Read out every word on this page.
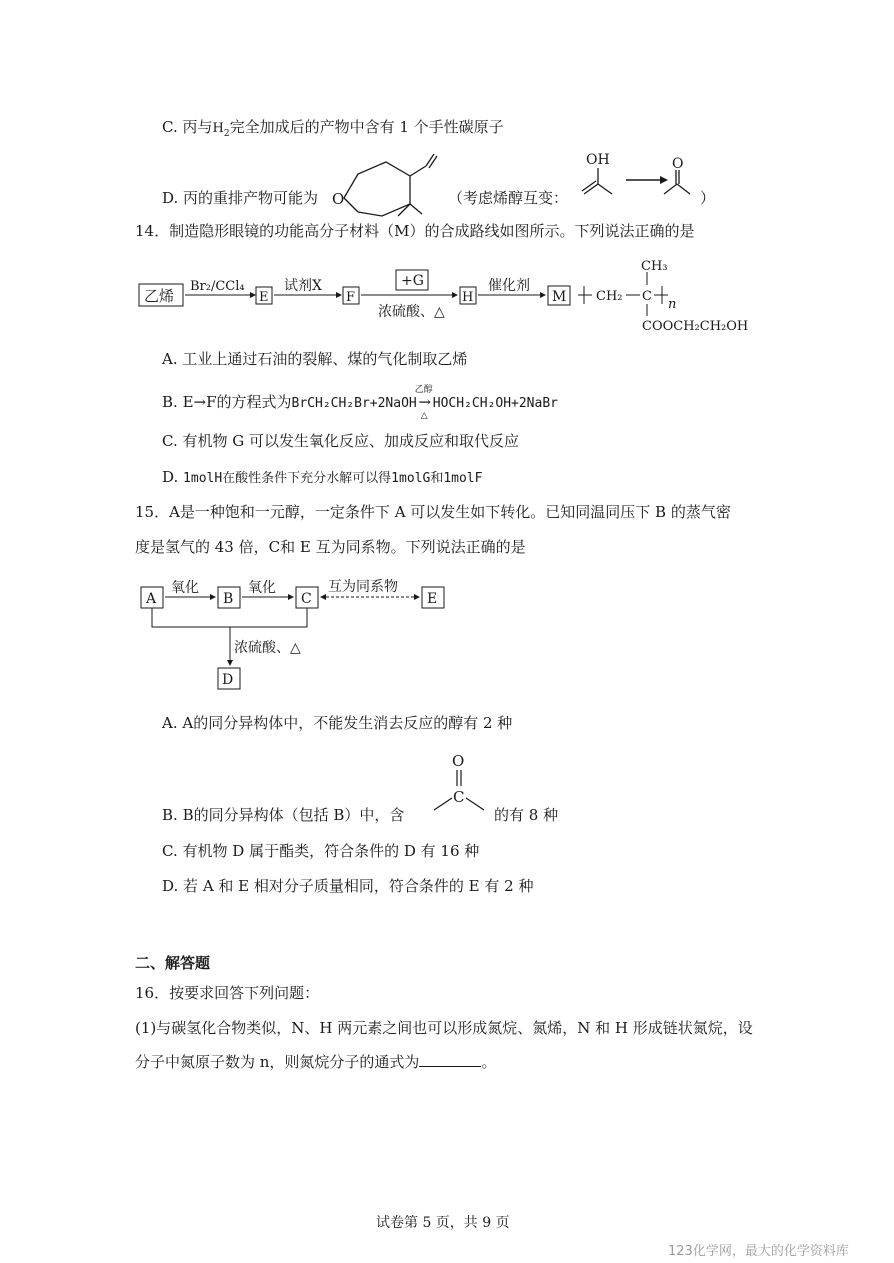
C. 丙与$H_2$完全加成后的产物中含有 1 个手性碳原子
D. 丙的重排产物可能为 O	（考虑烯醇互变：
OH	O
）
14．制造隐形眼镜的功能高分子材料（M）的合成路线如图所示。下列说法正确的是
乙烯
Br₂/CCl₄
E
试剂X
F
+G
浓硫酸、△
H
催化剂
M CH₂ C
n
CH₃
COOCH₂CH₂OH
A. 工业上通过石油的裂解、煤的气化制取乙烯
B. E→F的方程式为BrCH₂CH₂Br+2NaOH
乙醇
→
△
HOCH₂CH₂OH+2NaBr
C. 有机物 G 可以发生氧化反应、加成反应和取代反应
D. 1molH在酸性条件下充分水解可以得1molG和1molF
15．A是一种饱和一元醇，一定条件下 A 可以发生如下转化。已知同温同压下 B 的蒸气密
度是氢气的 43 倍，C和 E 互为同系物。下列说法正确的是
A
氧化
B
氧化
C
互为同系物
E
浓硫酸、△
D
A. A的同分异构体中，不能发生消去反应的醇有 2 种
B. B的同分异构体（包括 B）中，含
O
C
的有 8 种
C. 有机物 D 属于酯类，符合条件的 D 有 16 种
D. 若 A 和 E 相对分子质量相同，符合条件的 E 有 2 种
二、解答题
16．按要求回答下列问题：
(1)与碳氢化合物类似，N、H 两元素之间也可以形成氮烷、氮烯，N 和 H 形成链状氮烷，设
分子中氮原子数为 n，则氮烷分子的通式为	。
试卷第 5 页，共 9 页
123化学网，最大的化学资料库
